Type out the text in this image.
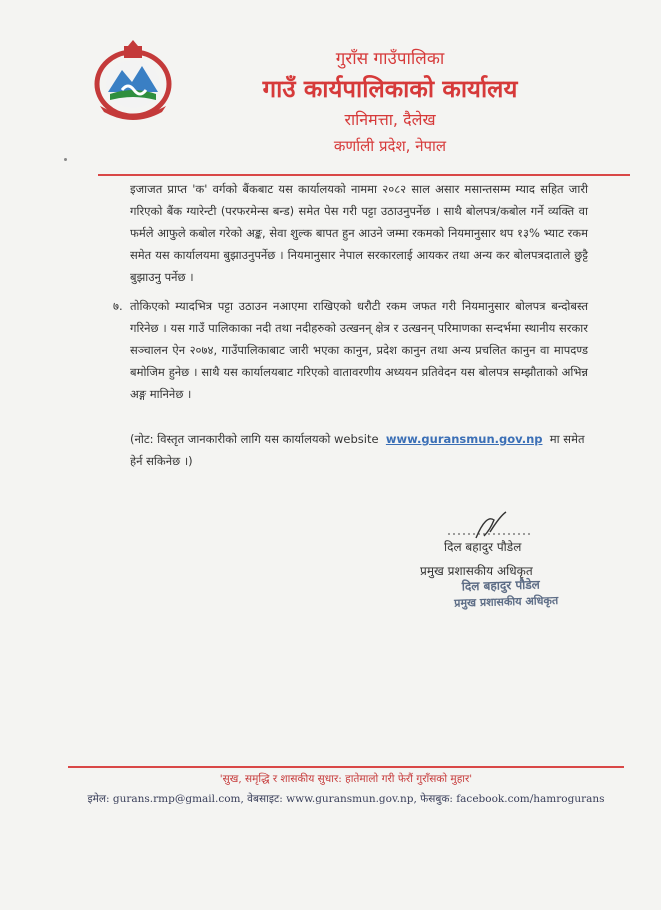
गुराँस गाउँपालिका

गाउँ कार्यपालिकाको कार्यालय

रानिमत्ता, दैलेख

कर्णाली प्रदेश, नेपाल

इजाजत प्राप्त 'क' वर्गको बैंकबाट यस कार्यालयको नाममा २०८२ साल असार मसान्तसम्म म्याद सहित जारी गरिएको बैंक ग्यारेन्टी (परफरमेन्स बन्ड) समेत पेस गरी पट्टा उठाउनुपर्नेछ । साथै बोलपत्र/कबोल गर्ने व्यक्ति वा फर्मले आफुले कबोल गरेको अङ्क, सेवा शुल्क बापत हुन आउने जम्मा रकमको नियमानुसार थप १३% भ्याट रकम समेत यस कार्यालयमा बुझाउनुपर्नेछ । नियमानुसार नेपाल सरकारलाई आयकर तथा अन्य कर बोलपत्रदाताले छुट्टै बुझाउनु पर्नेछ ।

७. तोकिएको म्यादभित्र पट्टा उठाउन नआएमा राखिएको धरौटी रकम जफत गरी नियमानुसार बोलपत्र बन्दोबस्त गरिनेछ । यस गाउँ पालिकाका नदी तथा नदीहरुको उत्खनन् क्षेत्र र उत्खनन् परिमाणका सन्दर्भमा स्थानीय सरकार सञ्चालन ऐन २०७४, गाउँपालिकाबाट जारी भएका कानुन, प्रदेश कानुन तथा अन्य प्रचलित कानुन वा मापदण्ड बमोजिम हुनेछ । साथै यस कार्यालयबाट गरिएको वातावरणीय अध्ययन प्रतिवेदन यस बोलपत्र सम्झौताको अभिन्न अङ्ग मानिनेछ ।

(नोट: विस्तृत जानकारीको लागि यस कार्यालयको website www.guransmun.gov.np मा समेत हेर्न सकिनेछ ।)

दिल बहादुर पौडेल

प्रमुख प्रशासकीय अधिकृत

दिल बहादुर पौडेल

प्रमुख प्रशासकीय अधिकृत

'सुख, समृद्धि र शासकीय सुधार: हातेमालो गरी फेरौं गुराँसको मुहार'

इमेल: gurans.rmp@gmail.com, वेबसाइट: www.guransmun.gov.np, फेसबुक: facebook.com/hamrogurans
